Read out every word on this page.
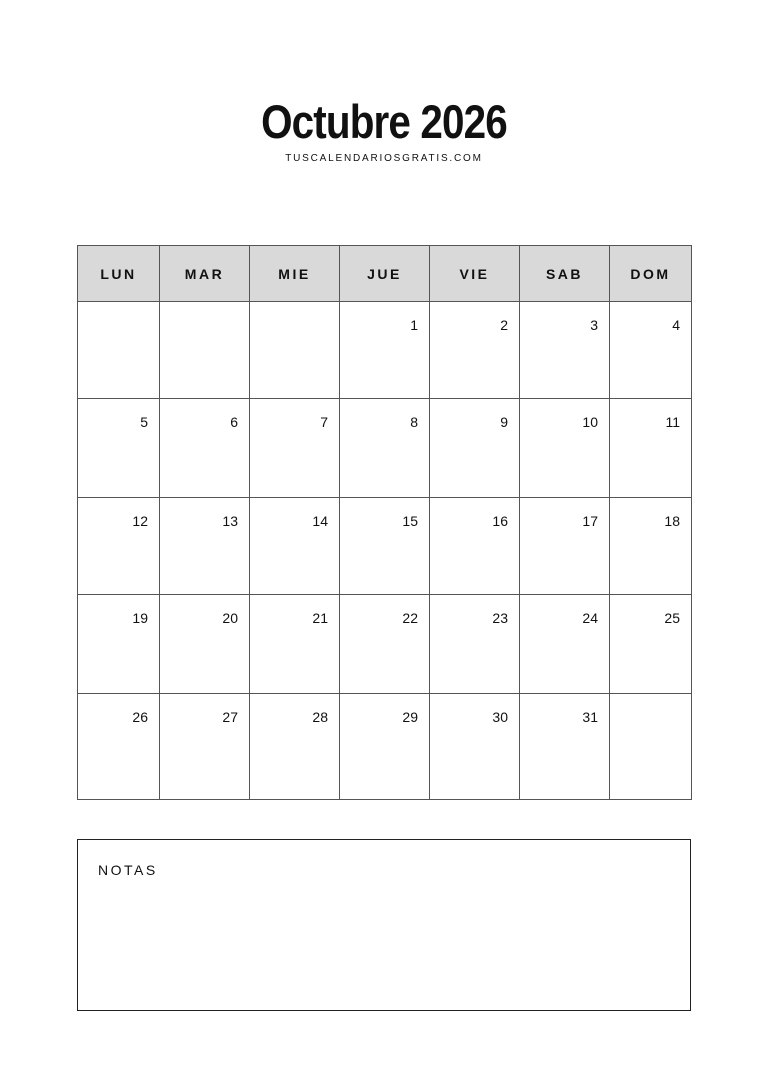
Octubre 2026
TUSCALENDARIOSGRATIS.COM
LUN	MAR	MIE	JUE	VIE	SAB	DOM

			1	2	3	4

5	6	7	8	9	10	11

12	13	14	15	16	17	18

19	20	21	22	23	24	25

26	27	28	29	30	31	

NOTAS
